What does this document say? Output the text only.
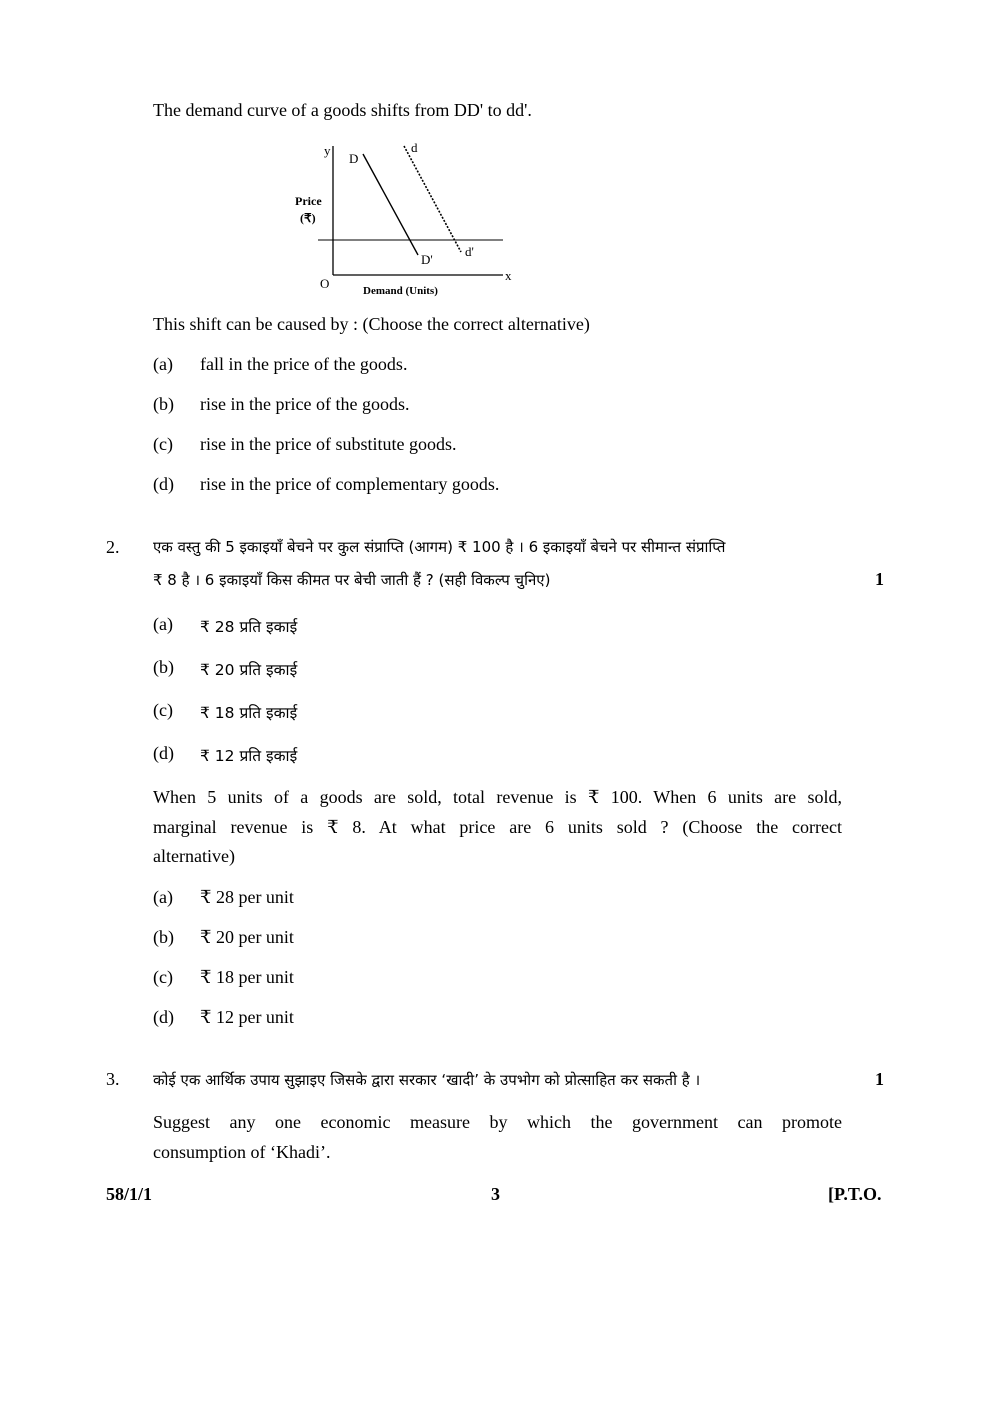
The demand curve of a goods shifts from DD' to dd'.
y
x
O
Price
(₹)
Demand (Units)
D
D'
d
d'
This shift can be caused by : (Choose the correct alternative)
(a) fall in the price of the goods.
(b) rise in the price of the goods.
(c) rise in the price of substitute goods.
(d) rise in the price of complementary goods.
2. एक वस्तु की 5 इकाइयाँ बेचने पर कुल संप्राप्ति (आगम) ₹ 100 है । 6 इकाइयाँ बेचने पर सीमान्त संप्राप्ति
₹ 8 है । 6 इकाइयाँ किस कीमत पर बेची जाती हैं ? (सही विकल्प चुनिए)	1
(a) ₹ 28 प्रति इकाई
(b) ₹ 20 प्रति इकाई
(c) ₹ 18 प्रति इकाई
(d) ₹ 12 प्रति इकाई
When 5 units of a goods are sold, total revenue is ₹ 100. When 6 units are sold,
marginal revenue is ₹ 8. At what price are 6 units sold ? (Choose the correct
alternative)
(a) ₹ 28 per unit
(b) ₹ 20 per unit
(c) ₹ 18 per unit
(d) ₹ 12 per unit
3. कोई एक आर्थिक उपाय सुझाइए जिसके द्वारा सरकार ‘खादी’ के उपभोग को प्रोत्साहित कर सकती है ।	1
Suggest any one economic measure by which the government can promote
consumption of ‘Khadi’.
58/1/1	3	[P.T.O.
